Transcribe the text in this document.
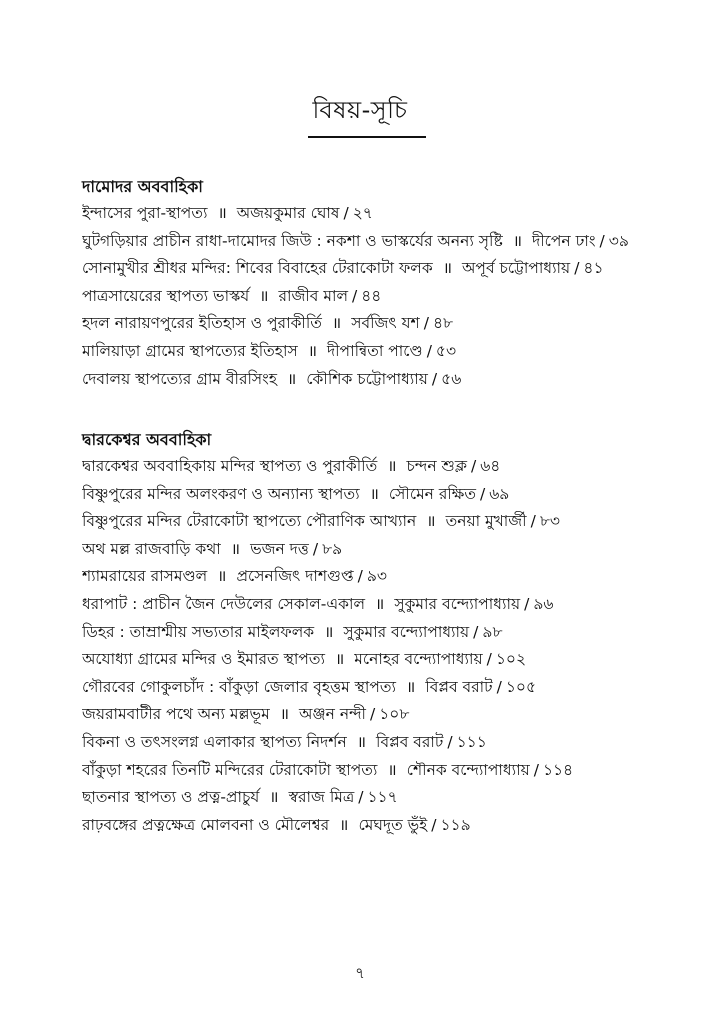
বিষয়-সূচি
দামোদর অববাহিকা
ইন্দাসের পুরা-স্থাপত্য ॥ অজয়কুমার ঘোষ / ২৭
ঘুটগড়িয়ার প্রাচীন রাধা-দামোদর জিউ : নকশা ও ভাস্কর্যের অনন্য সৃষ্টি ॥ দীপেন ঢাং / ৩৯
সোনামুখীর শ্রীধর মন্দির: শিবের বিবাহের টেরাকোটা ফলক ॥ অপূর্ব চট্টোপাধ্যায় / ৪১
পাত্রসায়েরের স্থাপত্য ভাস্কর্য ॥ রাজীব মাল / ৪৪
হদল নারায়ণপুরের ইতিহাস ও পুরাকীর্তি ॥ সর্বজিৎ যশ / ৪৮
মালিয়াড়া গ্রামের স্থাপত্যের ইতিহাস ॥ দীপান্বিতা পাণ্ডে / ৫৩
দেবালয় স্থাপত্যের গ্রাম বীরসিংহ ॥ কৌশিক চট্টোপাধ্যায় / ৫৬
দ্বারকেশ্বর অববাহিকা
দ্বারকেশ্বর অববাহিকায় মন্দির স্থাপত্য ও পুরাকীর্তি ॥ চন্দন শুক্ল / ৬৪
বিষ্ণুপুরের মন্দির অলংকরণ ও অন্যান্য স্থাপত্য ॥ সৌমেন রক্ষিত / ৬৯
বিষ্ণুপুরের মন্দির টেরাকোটা স্থাপত্যে পৌরাণিক আখ্যান ॥ তনয়া মুখার্জী / ৮৩
অথ মল্ল রাজবাড়ি কথা ॥ ভজন দত্ত / ৮৯
শ্যামরায়ের রাসমণ্ডল ॥ প্রসেনজিৎ দাশগুপ্ত / ৯৩
ধরাপাট : প্রাচীন জৈন দেউলের সেকাল-একাল ॥ সুকুমার বন্দ্যোপাধ্যায় / ৯৬
ডিহর : তাম্রাশ্মীয় সভ্যতার মাইলফলক ॥ সুকুমার বন্দ্যোপাধ্যায় / ৯৮
অযোধ্যা গ্রামের মন্দির ও ইমারত স্থাপত্য ॥ মনোহর বন্দ্যোপাধ্যায় / ১০২
গৌরবের গোকুলচাঁদ : বাঁকুড়া জেলার বৃহত্তম স্থাপত্য ॥ বিপ্লব বরাট / ১০৫
জয়রামবাটীর পথে অন্য মল্লভূম ॥ অঞ্জন নন্দী / ১০৮
বিকনা ও তৎসংলগ্ন এলাকার স্থাপত্য নিদর্শন ॥ বিপ্লব বরাট / ১১১
বাঁকুড়া শহরের তিনটি মন্দিরের টেরাকোটা স্থাপত্য ॥ শৌনক বন্দ্যোপাধ্যায় / ১১৪
ছাতনার স্থাপত্য ও প্রত্ন-প্রাচুর্য ॥ স্বরাজ মিত্র / ১১৭
রাঢ়বঙ্গের প্রত্নক্ষেত্র মোলবনা ও মৌলেশ্বর ॥ মেঘদূত ভুঁই / ১১৯
৭
